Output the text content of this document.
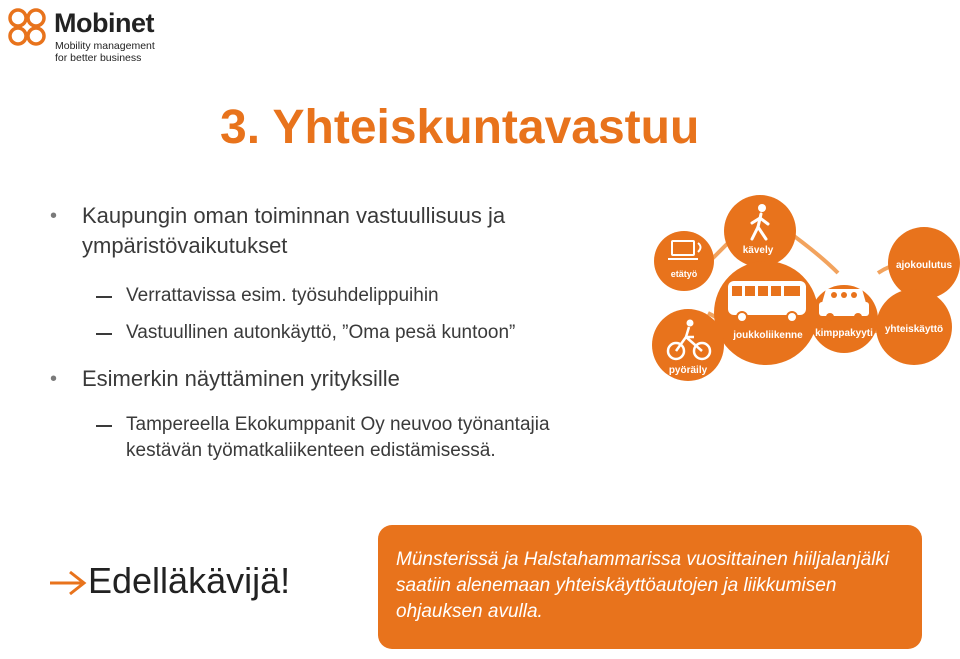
Mobinet
Mobility management
for better business
3. Yhteiskuntavastuu
• Kaupungin oman toiminnan vastuullisuus ja ympäristövaikutukset
Verrattavissa esim. työsuhdelippuihin
Vastuullinen autonkäyttö, ”Oma pesä kuntoon”
• Esimerkin näyttäminen yrityksille
Tampereella Ekokumppanit Oy neuvoo työnantajia kestävän työmatkaliikenteen edistämisessä.
Edelläkävijä!
Münsterissä ja Halstahammarissa vuosittainen hiiljalanjälki saatiin alenemaan yhteiskäyttöautojen ja liikkumisen ohjauksen avulla.
etätyö
kävely
joukkoliikenne kimppakyyti
ajokoulutus
yhteiskäyttö
pyöräily
